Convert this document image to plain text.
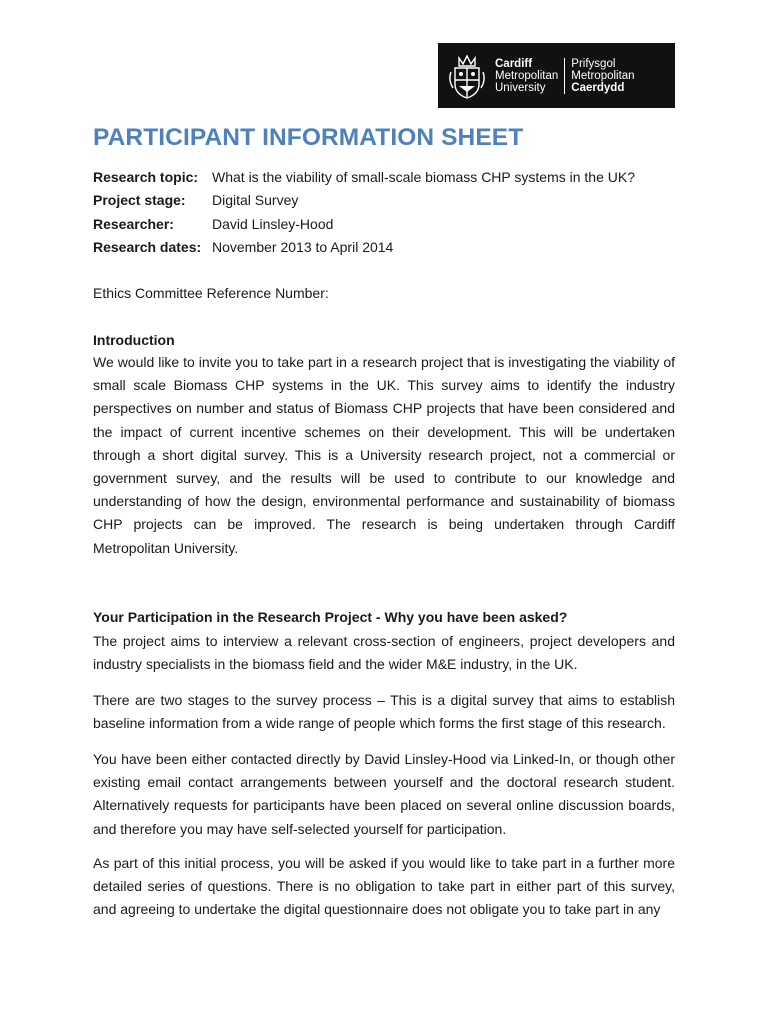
Cardiff
Metropolitan
University
Prifysgol
Metropolitan
Caerdydd
PARTICIPANT INFORMATION SHEET
Research topic: What is the viability of small-scale biomass CHP systems in the UK?
Project stage:	Digital Survey
Researcher:	David Linsley-Hood
Research dates: November 2013 to April 2014
Ethics Committee Reference Number:
Introduction

We would like to invite you to take part in a research project that is investigating the viability of small scale Biomass CHP systems in the UK. This survey aims to identify the industry perspectives on number and status of Biomass CHP projects that have been considered and the impact of current incentive schemes on their development. This will be undertaken through a short digital survey. This is a University research project, not a commercial or government survey, and the results will be used to contribute to our knowledge and understanding of how the design, environmental performance and sustainability of biomass CHP projects can be improved. The research is being undertaken through Cardiff Metropolitan University.

Your Participation in the Research Project - Why you have been asked?

The project aims to interview a relevant cross-section of engineers, project developers and industry specialists in the biomass field and the wider M&E industry, in the UK.

There are two stages to the survey process – This is a digital survey that aims to establish baseline information from a wide range of people which forms the first stage of this research.

You have been either contacted directly by David Linsley-Hood via Linked-In, or though other existing email contact arrangements between yourself and the doctoral research student. Alternatively requests for participants have been placed on several online discussion boards, and therefore you may have self-selected yourself for participation.

As part of this initial process, you will be asked if you would like to take part in a further more detailed series of questions. There is no obligation to take part in either part of this survey, and agreeing to undertake the digital questionnaire does not obligate you to take part in any
